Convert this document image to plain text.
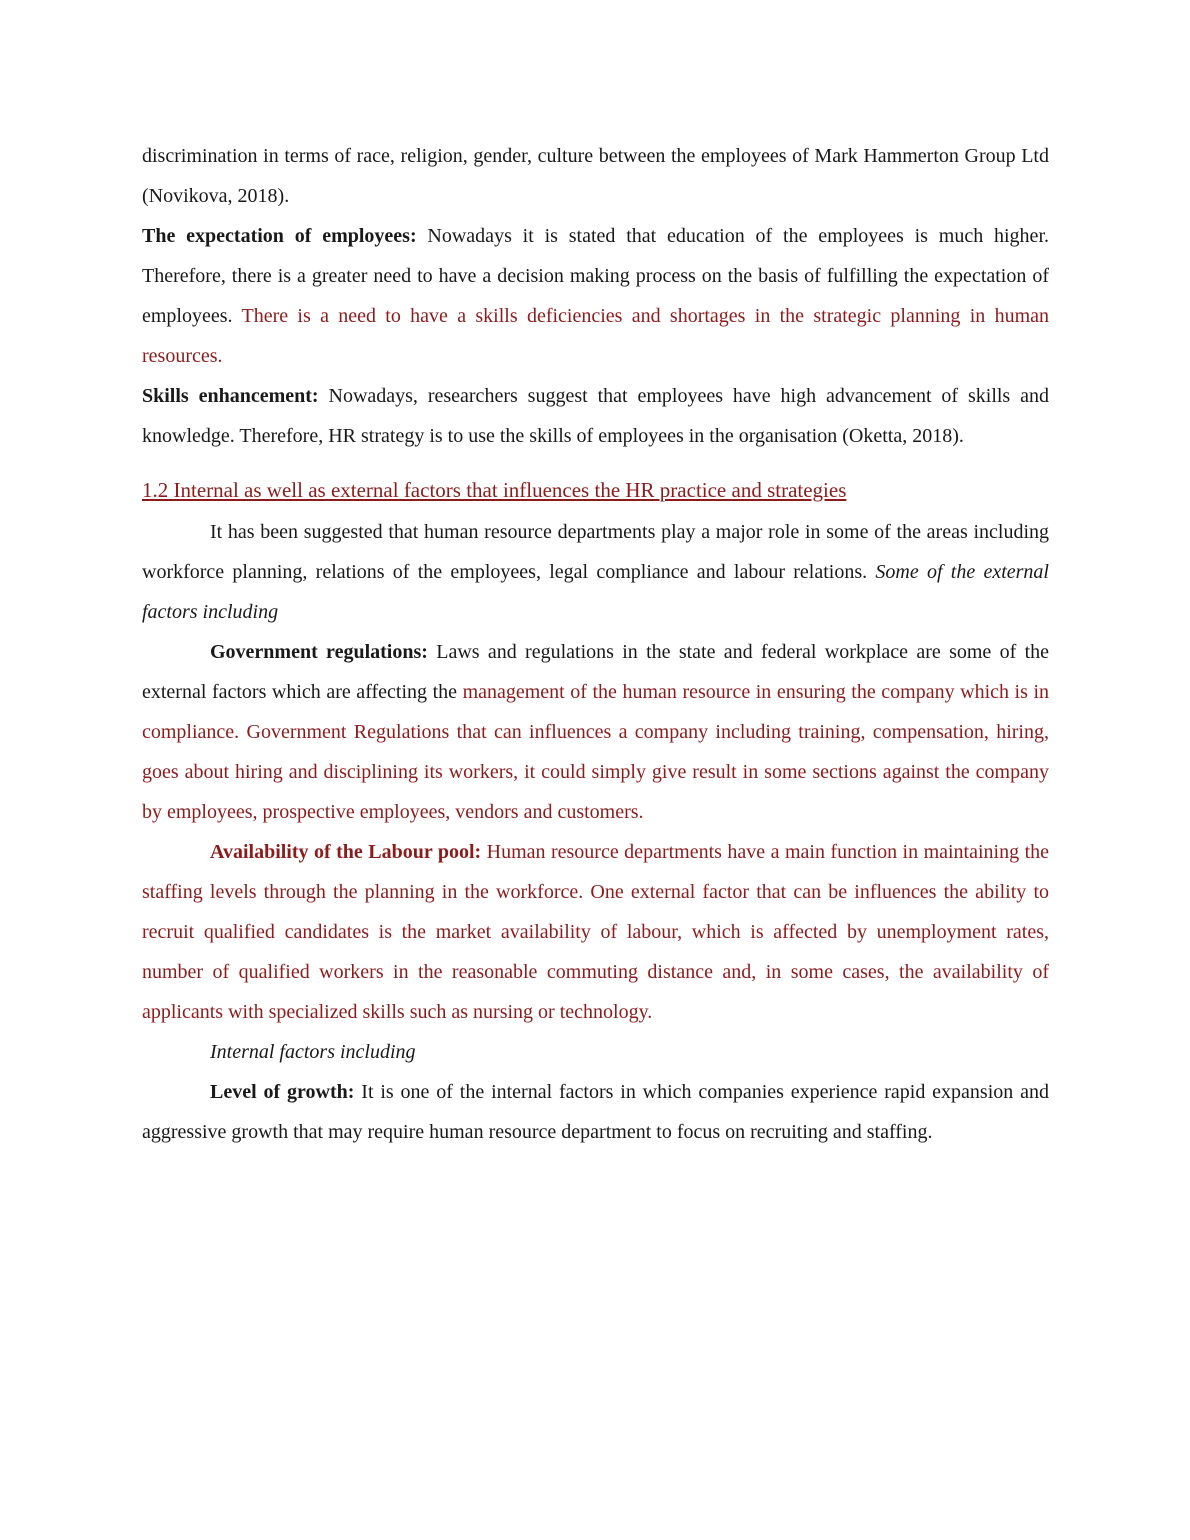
discrimination in terms of race, religion, gender, culture between the employees of Mark Hammerton Group Ltd (Novikova, 2018).

The expectation of employees: Nowadays it is stated that education of the employees is much higher. Therefore, there is a greater need to have a decision making process on the basis of fulfilling the expectation of employees. There is a need to have a skills deficiencies and shortages in the strategic planning in human resources.

Skills enhancement: Nowadays, researchers suggest that employees have high advancement of skills and knowledge. Therefore, HR strategy is to use the skills of employees in the organisation (Oketta, 2018).

1.2 Internal as well as external factors that influences the HR practice and strategies

It has been suggested that human resource departments play a major role in some of the areas including workforce planning, relations of the employees, legal compliance and labour relations. Some of the external factors including

Government regulations: Laws and regulations in the state and federal workplace are some of the external factors which are affecting the management of the human resource in ensuring the company which is in compliance. Government Regulations that can influences a company including training, compensation, hiring, goes about hiring and disciplining its workers, it could simply give result in some sections against the company by employees, prospective employees, vendors and customers.

Availability of the Labour pool: Human resource departments have a main function in maintaining the staffing levels through the planning in the workforce. One external factor that can be influences the ability to recruit qualified candidates is the market availability of labour, which is affected by unemployment rates, number of qualified workers in the reasonable commuting distance and, in some cases, the availability of applicants with specialized skills such as nursing or technology.

Internal factors including

Level of growth: It is one of the internal factors in which companies experience rapid expansion and aggressive growth that may require human resource department to focus on recruiting and staffing.
